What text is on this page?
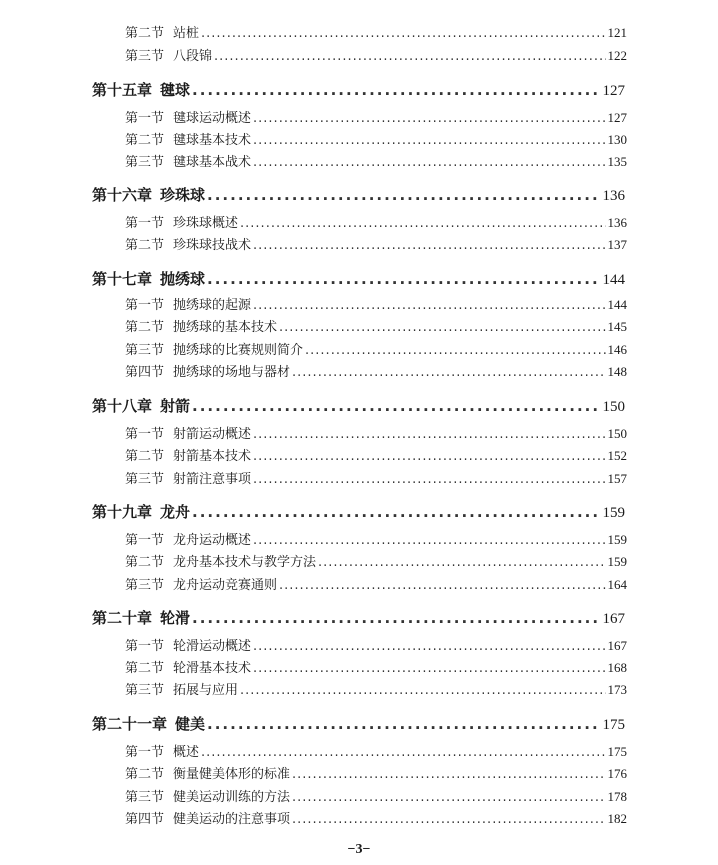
第二节 站桩 .....	121
第三节 八段锦 .....	122
第十五章 毽球 .....	127
第一节 毽球运动概述 .....	127
第二节 毽球基本技术 .....	130
第三节 毽球基本战术 .....	135
第十六章 珍珠球 .....	136
第一节 珍珠球概述 .....	136
第二节 珍珠球技战术 .....	137
第十七章 抛绣球 .....	144
第一节 抛绣球的起源 .....	144
第二节 抛绣球的基本技术 .....	145
第三节 抛绣球的比赛规则简介 .....	146
第四节 抛绣球的场地与器材 .....	148
第十八章 射箭 .....	150
第一节 射箭运动概述 .....	150
第二节 射箭基本技术 .....	152
第三节 射箭注意事项 .....	157
第十九章 龙舟 .....	159
第一节 龙舟运动概述 .....	159
第二节 龙舟基本技术与教学方法 .....	159
第三节 龙舟运动竞赛通则 .....	164
第二十章 轮滑 .....	167
第一节 轮滑运动概述 .....	167
第二节 轮滑基本技术 .....	168
第三节 拓展与应用 .....	173
第二十一章 健美 .....	175
第一节 概述 .....	175
第二节 衡量健美体形的标准 .....	176
第三节 健美运动训练的方法 .....	178
第四节 健美运动的注意事项 .....	182
−3−
